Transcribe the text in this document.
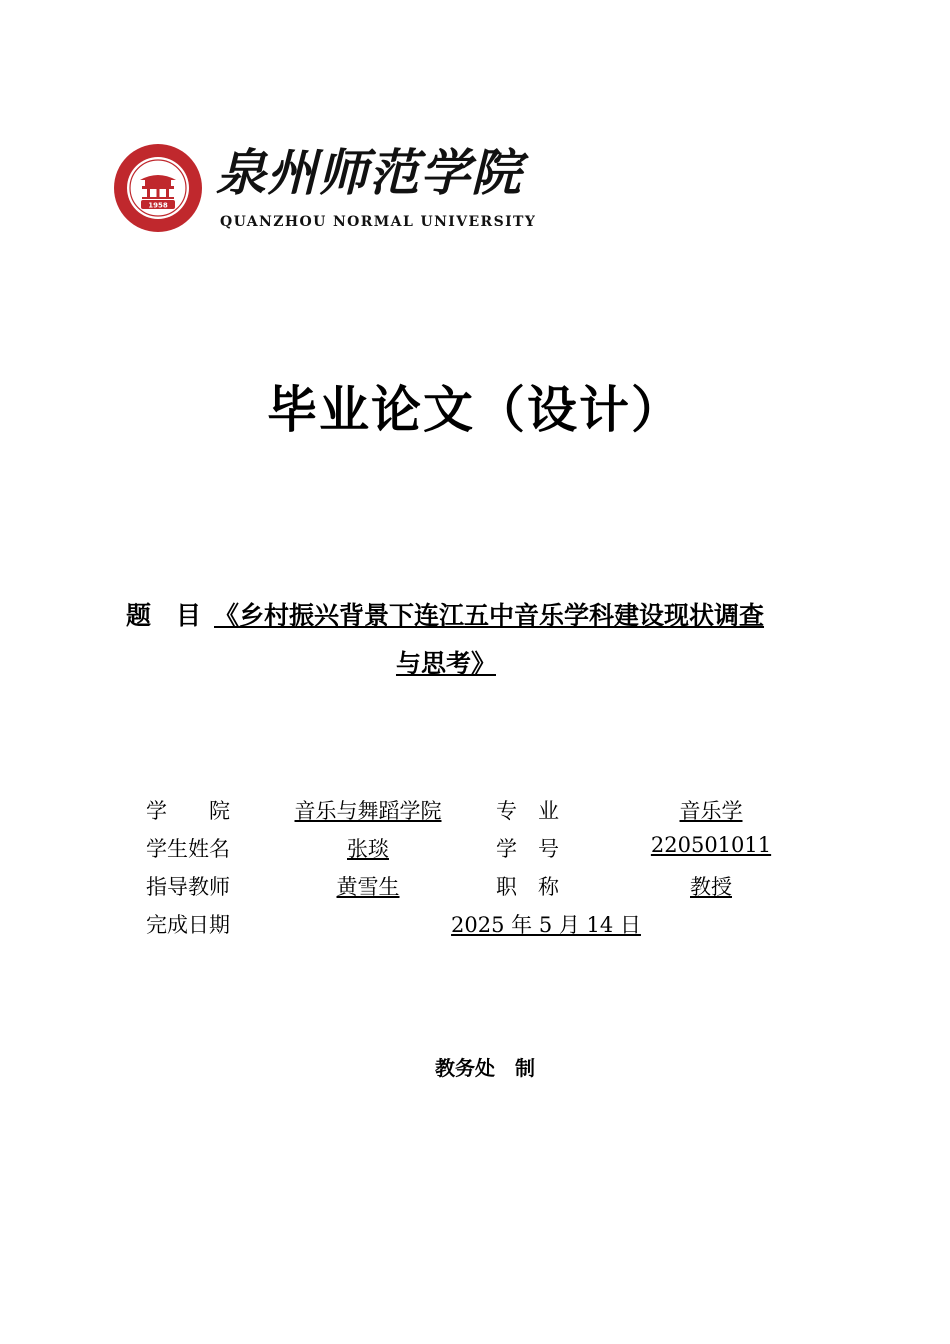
1958
泉州师范学院
QUANZHOU NORMAL UNIVERSITY
毕业论文（设计）
题　目 《乡村振兴背景下连江五中音乐学科建设现状调查
与思考》
学　　院	音乐与舞蹈学院	专　业	音乐学
学生姓名	张琰	学　号	220501011
指导教师	黄雪生	职　称	教授
完成日期	2025 年 5 月 14 日
教务处　制
